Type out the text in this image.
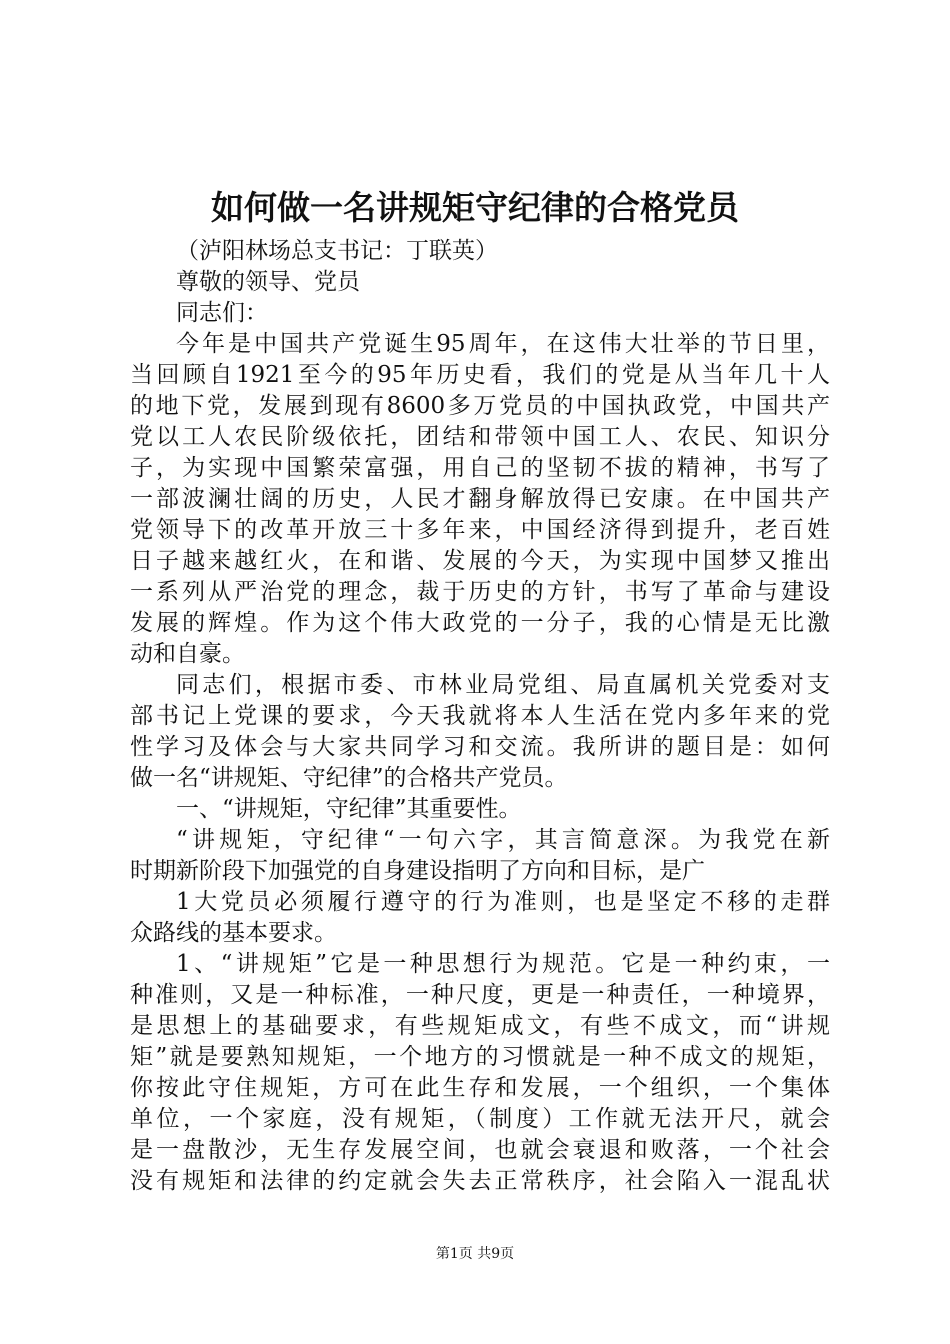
如何做一名讲规矩守纪律的合格党员
（泸阳林场总支书记：丁联英）
尊敬的领导、党员
同志们：
今年是中国共产党诞生95周年，在这伟大壮举的节日里，
当回顾自1921至今的95年历史看，我们的党是从当年几十人
的地下党，发展到现有8600多万党员的中国执政党，中国共产
党以工人农民阶级依托，团结和带领中国工人、农民、知识分
子，为实现中国繁荣富强，用自己的坚韧不拔的精神，书写了
一部波澜壮阔的历史，人民才翻身解放得已安康。在中国共产
党领导下的改革开放三十多年来，中国经济得到提升，老百姓
日子越来越红火，在和谐、发展的今天，为实现中国梦又推出
一系列从严治党的理念，裁于历史的方针，书写了革命与建设
发展的辉煌。作为这个伟大政党的一分子，我的心情是无比激
动和自豪。
同志们，根据市委、市林业局党组、局直属机关党委对支
部书记上党课的要求，今天我就将本人生活在党内多年来的党
性学习及体会与大家共同学习和交流。我所讲的题目是：如何
做一名“讲规矩、守纪律”的合格共产党员。
一、“讲规矩，守纪律”其重要性。
“讲规矩，守纪律“一句六字，其言简意深。为我党在新
时期新阶段下加强党的自身建设指明了方向和目标，是广
1大党员必须履行遵守的行为准则，也是坚定不移的走群
众路线的基本要求。
1、“讲规矩”它是一种思想行为规范。它是一种约束，一
种准则，又是一种标准，一种尺度，更是一种责任，一种境界，
是思想上的基础要求，有些规矩成文，有些不成文，而“讲规
矩”就是要熟知规矩，一个地方的习惯就是一种不成文的规矩，
你按此守住规矩，方可在此生存和发展，一个组织，一个集体
单位，一个家庭，没有规矩，（制度）工作就无法开尺，就会
是一盘散沙，无生存发展空间，也就会衰退和败落，一个社会
没有规矩和法律的约定就会失去正常秩序，社会陷入一混乱状
第1页 共9页
